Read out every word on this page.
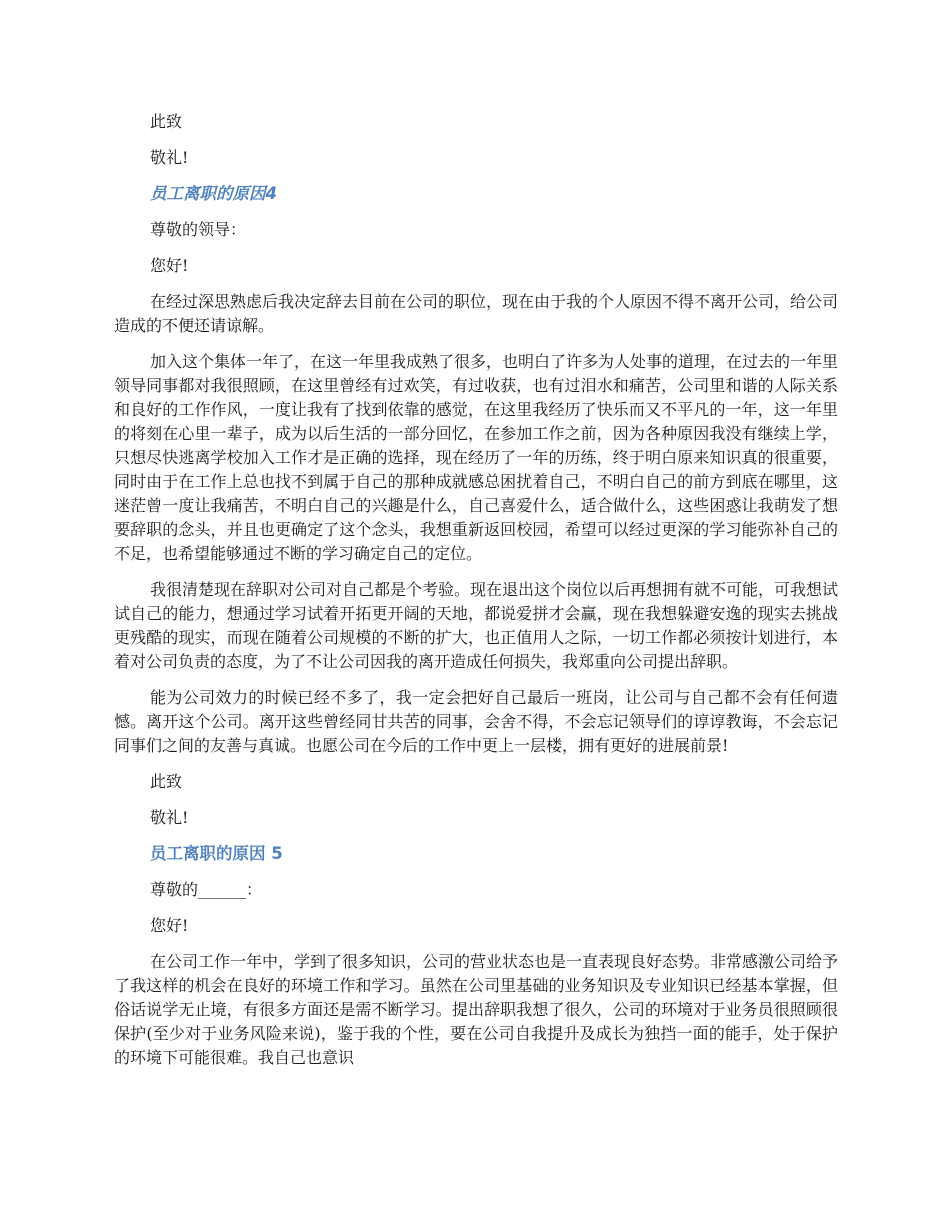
此致

敬礼!

员工离职的原因4

尊敬的领导：

您好!

在经过深思熟虑后我决定辞去目前在公司的职位，现在由于我的个人原因不得不离开公司，给公司造成的不便还请谅解。

加入这个集体一年了，在这一年里我成熟了很多，也明白了许多为人处事的道理，在过去的一年里领导同事都对我很照顾，在这里曾经有过欢笑，有过收获，也有过泪水和痛苦，公司里和谐的人际关系和良好的工作作风，一度让我有了找到依靠的感觉，在这里我经历了快乐而又不平凡的一年，这一年里的将刻在心里一辈子，成为以后生活的一部分回忆，在参加工作之前，因为各种原因我没有继续上学，只想尽快逃离学校加入工作才是正确的选择，现在经历了一年的历练，终于明白原来知识真的很重要，同时由于在工作上总也找不到属于自己的那种成就感总困扰着自己，不明白自己的前方到底在哪里，这迷茫曾一度让我痛苦，不明白自己的兴趣是什么，自己喜爱什么，适合做什么，这些困惑让我萌发了想要辞职的念头，并且也更确定了这个念头，我想重新返回校园，希望可以经过更深的学习能弥补自己的不足，也希望能够通过不断的学习确定自己的定位。

我很清楚现在辞职对公司对自己都是个考验。现在退出这个岗位以后再想拥有就不可能，可我想试试自己的能力，想通过学习试着开拓更开阔的天地，都说爱拼才会赢，现在我想躲避安逸的现实去挑战更残酷的现实，而现在随着公司规模的不断的扩大，也正值用人之际，一切工作都必须按计划进行，本着对公司负责的态度，为了不让公司因我的离开造成任何损失，我郑重向公司提出辞职。

能为公司效力的时候已经不多了，我一定会把好自己最后一班岗，让公司与自己都不会有任何遗憾。离开这个公司。离开这些曾经同甘共苦的同事，会舍不得，不会忘记领导们的谆谆教诲，不会忘记同事们之间的友善与真诚。也愿公司在今后的工作中更上一层楼，拥有更好的进展前景!

此致

敬礼!

员工离职的原因 5

尊敬的______：

您好!

在公司工作一年中，学到了很多知识，公司的营业状态也是一直表现良好态势。非常感激公司给予了我这样的机会在良好的环境工作和学习。虽然在公司里基础的业务知识及专业知识已经基本掌握，但俗话说学无止境，有很多方面还是需不断学习。提出辞职我想了很久，公司的环境对于业务员很照顾很保护(至少对于业务风险来说)，鉴于我的个性，要在公司自我提升及成长为独挡一面的能手，处于保护的环境下可能很难。我自己也意识
